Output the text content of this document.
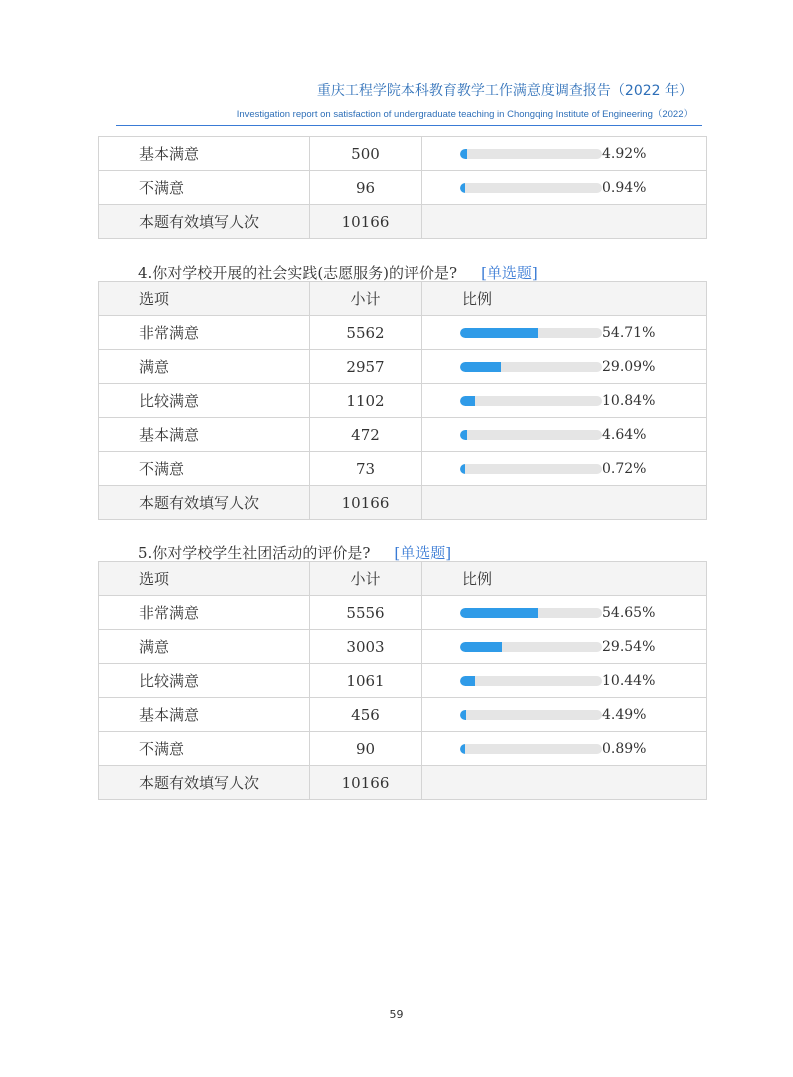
重庆工程学院本科教育教学工作满意度调查报告（2022 年）
Investigation report on satisfaction of undergraduate teaching in Chongqing Institute of Engineering（2022）
基本满意	500	4.92%

不满意	96	0.94%

本题有效填写人次	10166	
4.你对学校开展的社会实践(志愿服务)的评价是? [单选题]
选项	小计	比例
非常满意	5562	54.71%

满意	2957	29.09%

比较满意	1102	10.84%

基本满意	472	4.64%

不满意	73	0.72%

本题有效填写人次	10166	
5.你对学校学生社团活动的评价是? [单选题]
选项	小计	比例
非常满意	5556	54.65%

满意	3003	29.54%

比较满意	1061	10.44%

基本满意	456	4.49%

不满意	90	0.89%

本题有效填写人次	10166	
59
